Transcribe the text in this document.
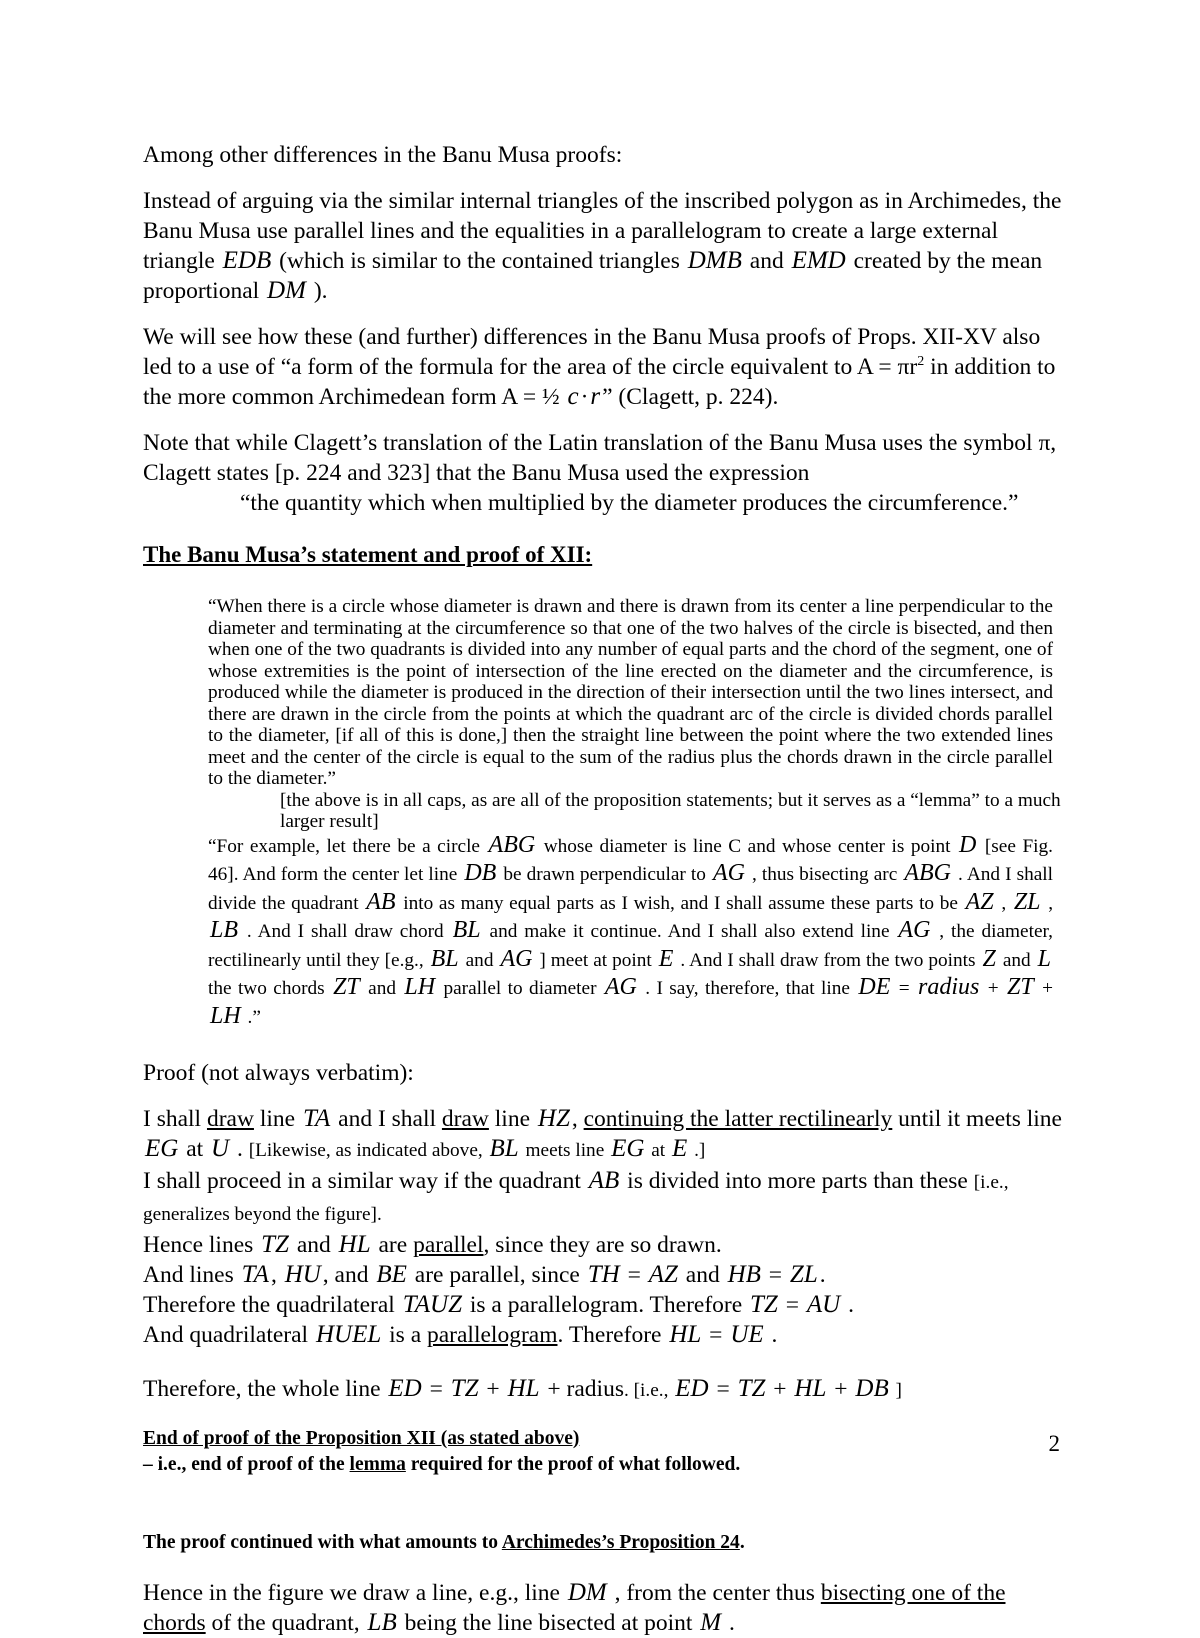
Among other differences in the Banu Musa proofs:
Instead of arguing via the similar internal triangles of the inscribed polygon as in Archimedes, the Banu Musa use parallel lines and the equalities in a parallelogram to create a large external triangle EDB (which is similar to the contained triangles DMB and EMD created by the mean proportional DM ).
We will see how these (and further) differences in the Banu Musa proofs of Props. XII-XV also led to a use of “a form of the formula for the area of the circle equivalent to $A = \pi r^2$ in addition to the more common Archimedean form A = ½ c·r” (Clagett, p. 224).
Note that while Clagett’s translation of the Latin translation of the Banu Musa uses the symbol π, Clagett states [p. 224 and 323] that the Banu Musa used the expression
“the quantity which when multiplied by the diameter produces the circumference.”
The Banu Musa’s statement and proof of XII:
“When there is a circle whose diameter is drawn and there is drawn from its center a line perpendicular to the diameter and terminating at the circumference so that one of the two halves of the circle is bisected, and then when one of the two quadrants is divided into any number of equal parts and the chord of the segment, one of whose extremities is the point of intersection of the line erected on the diameter and the circumference, is produced while the diameter is produced in the direction of their intersection until the two lines intersect, and there are drawn in the circle from the points at which the quadrant arc of the circle is divided chords parallel to the diameter, [if all of this is done,] then the straight line between the point where the two extended lines meet and the center of the circle is equal to the sum of the radius plus the chords drawn in the circle parallel to the diameter.”
[the above is in all caps, as are all of the proposition statements; but it serves as a “lemma” to a much larger result]
“For example, let there be a circle ABG whose diameter is line C and whose center is point D [see Fig. 46]. And form the center let line DB be drawn perpendicular to AG , thus bisecting arc ABG . And I shall divide the quadrant AB into as many equal parts as I wish, and I shall assume these parts to be AZ , ZL , LB . And I shall draw chord BL and make it continue. And I shall also extend line AG , the diameter, rectilinearly until they [e.g., BL and AG ] meet at point E . And I shall draw from the two points Z and L the two chords ZT and LH parallel to diameter AG . I say, therefore, that line DE = radius + ZT + LH .”
Proof (not always verbatim):
I shall draw line TA and I shall draw line HZ, continuing the latter rectilinearly until it meets line EG at U . [Likewise, as indicated above, BL meets line EG at E .]
I shall proceed in a similar way if the quadrant AB is divided into more parts than these [i.e., generalizes beyond the figure].
Hence lines TZ and HL are parallel, since they are so drawn.
And lines TA, HU, and BE are parallel, since TH = AZ and HB = ZL.
Therefore the quadrilateral TAUZ is a parallelogram. Therefore TZ = AU .
And quadrilateral HUEL is a parallelogram. Therefore HL = UE .
Therefore, the whole line ED = TZ + HL + radius. [i.e., ED = TZ + HL + DB ]
End of proof of the Proposition XII (as stated above)
– i.e., end of proof of the lemma required for the proof of what followed.
The proof continued with what amounts to Archimedes’s Proposition 24.
Hence in the figure we draw a line, e.g., line DM , from the center thus bisecting one of the chords of the quadrant, LB being the line bisected at point M .
2
